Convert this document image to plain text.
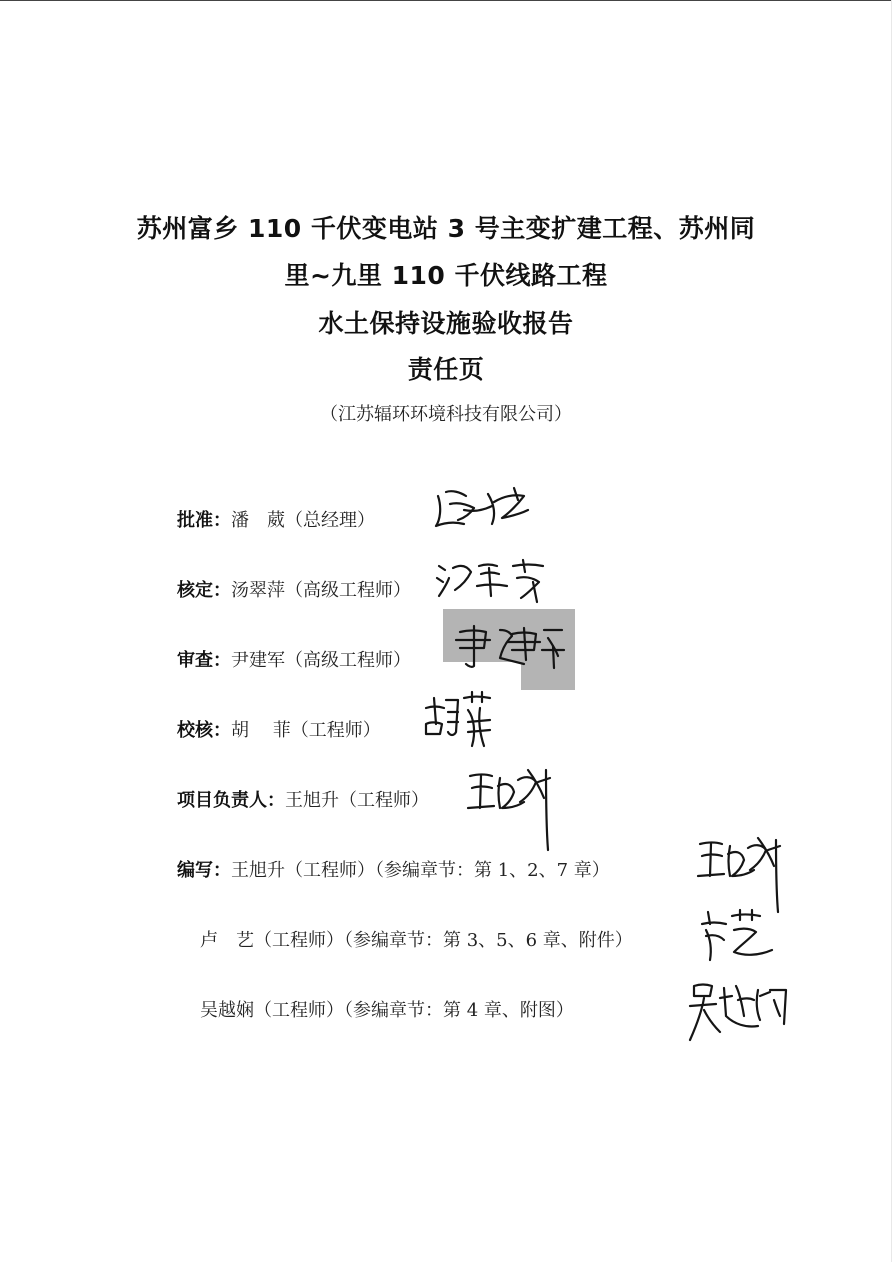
苏州富乡 110 千伏变电站 3 号主变扩建工程、苏州同
里~九里 110 千伏线路工程
水土保持设施验收报告
责任页
（江苏辐环环境科技有限公司）
批准：潘　葳（总经理）
核定：汤翠萍（高级工程师）
审查：尹建军（高级工程师）
校核：胡　 菲（工程师）
项目负责人：王旭升（工程师）
编写：王旭升（工程师）（参编章节：第 1、2、7 章）
卢　艺（工程师）（参编章节：第 3、5、6 章、附件）
吴越娴（工程师）（参编章节：第 4 章、附图）
